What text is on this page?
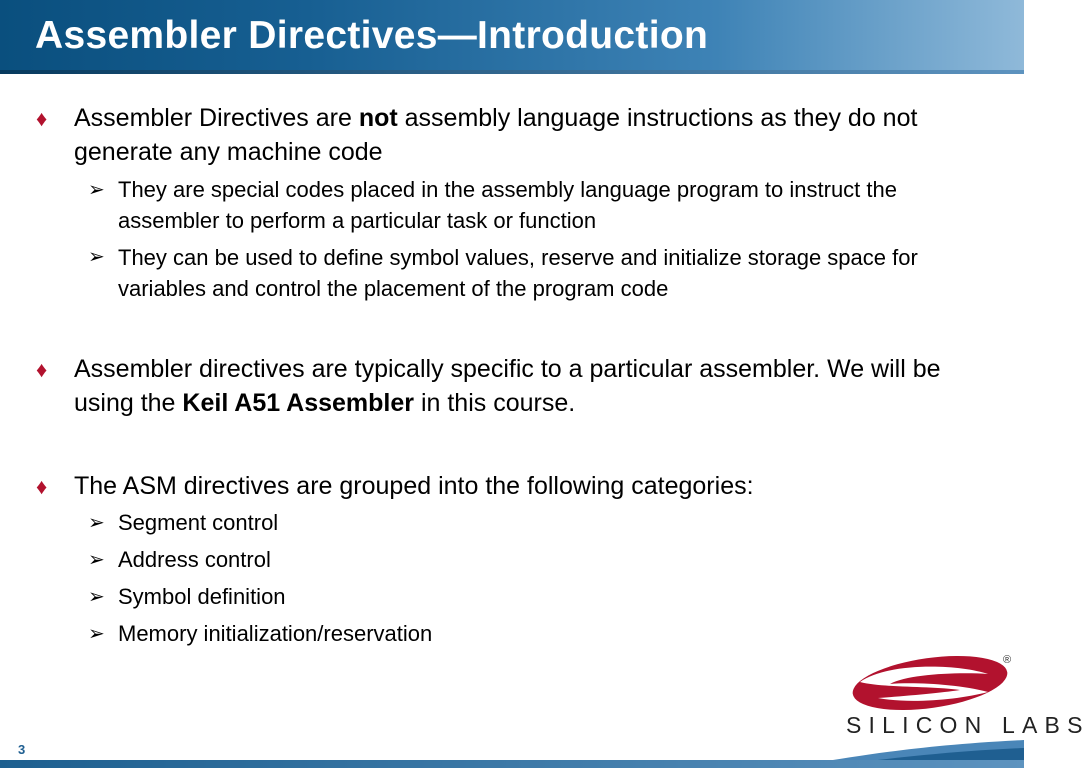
Assembler Directives—Introduction
♦ Assembler Directives are not assembly language instructions as they do not generate any machine code

➢ They are special codes placed in the assembly language program to instruct the assembler to perform a particular task or function

➢ They can be used to define symbol values, reserve and initialize storage space for variables and control the placement of the program code

♦ Assembler directives are typically specific to a particular assembler. We will be using the Keil A51 Assembler in this course.

♦ The ASM directives are grouped into the following categories:

➢ Segment control

➢ Address control

➢ Symbol definition

➢ Memory initialization/reservation

®
SILICON LABS
3
